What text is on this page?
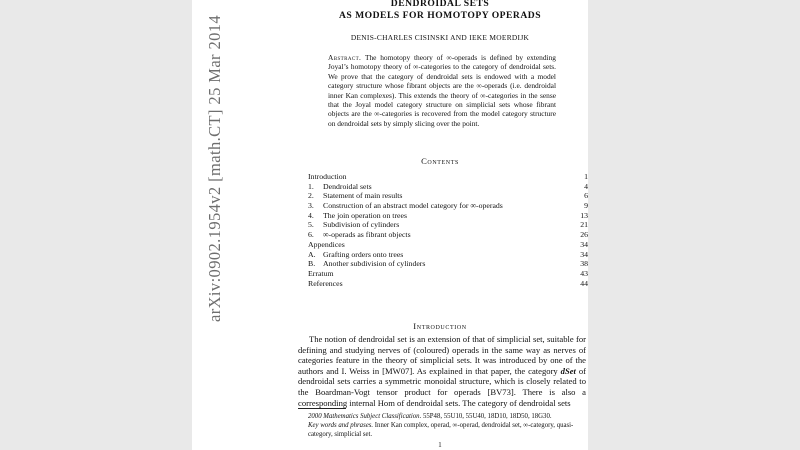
arXiv:0902.1954v2 [math.CT] 25 Mar 2014
DENDROIDAL SETS
AS MODELS FOR HOMOTOPY OPERADS
DENIS-CHARLES CISINSKI AND IEKE MOERDIJK
Abstract. The homotopy theory of ∞-operads is defined by extending Joyal’s homotopy theory of ∞-categories to the category of dendroidal sets. We prove that the category of dendroidal sets is endowed with a model category structure whose fibrant objects are the ∞-operads (i.e. dendroidal inner Kan complexes). This extends the theory of ∞-categories in the sense that the Joyal model category structure on simplicial sets whose fibrant objects are the ∞-categories is recovered from the model category structure on dendroidal sets by simply slicing over the point.
Contents
Introduction	1
1. Dendroidal sets	4
2. Statement of main results	6
3. Construction of an abstract model category for ∞-operads	9
4. The join operation on trees	13
5. Subdivision of cylinders	21
6. ∞-operads as fibrant objects	26
Appendices	34
A. Grafting orders onto trees	34
B. Another subdivision of cylinders	38
Erratum	43
References	44
Introduction
The notion of dendroidal set is an extension of that of simplicial set, suitable for defining and studying nerves of (coloured) operads in the same way as nerves of categories feature in the theory of simplicial sets. It was introduced by one of the authors and I. Weiss in [MW07]. As explained in that paper, the category dSet of dendroidal sets carries a symmetric monoidal structure, which is closely related to the Boardman-Vogt tensor product for operads [BV73]. There is also a corresponding internal Hom of dendroidal sets. The category of dendroidal sets
2000 Mathematics Subject Classification. 55P48, 55U10, 55U40, 18D10, 18D50, 18G30.
Key words and phrases. Inner Kan complex, operad, ∞-operad, dendroidal set, ∞-category, quasi-category, simplicial set.
1
